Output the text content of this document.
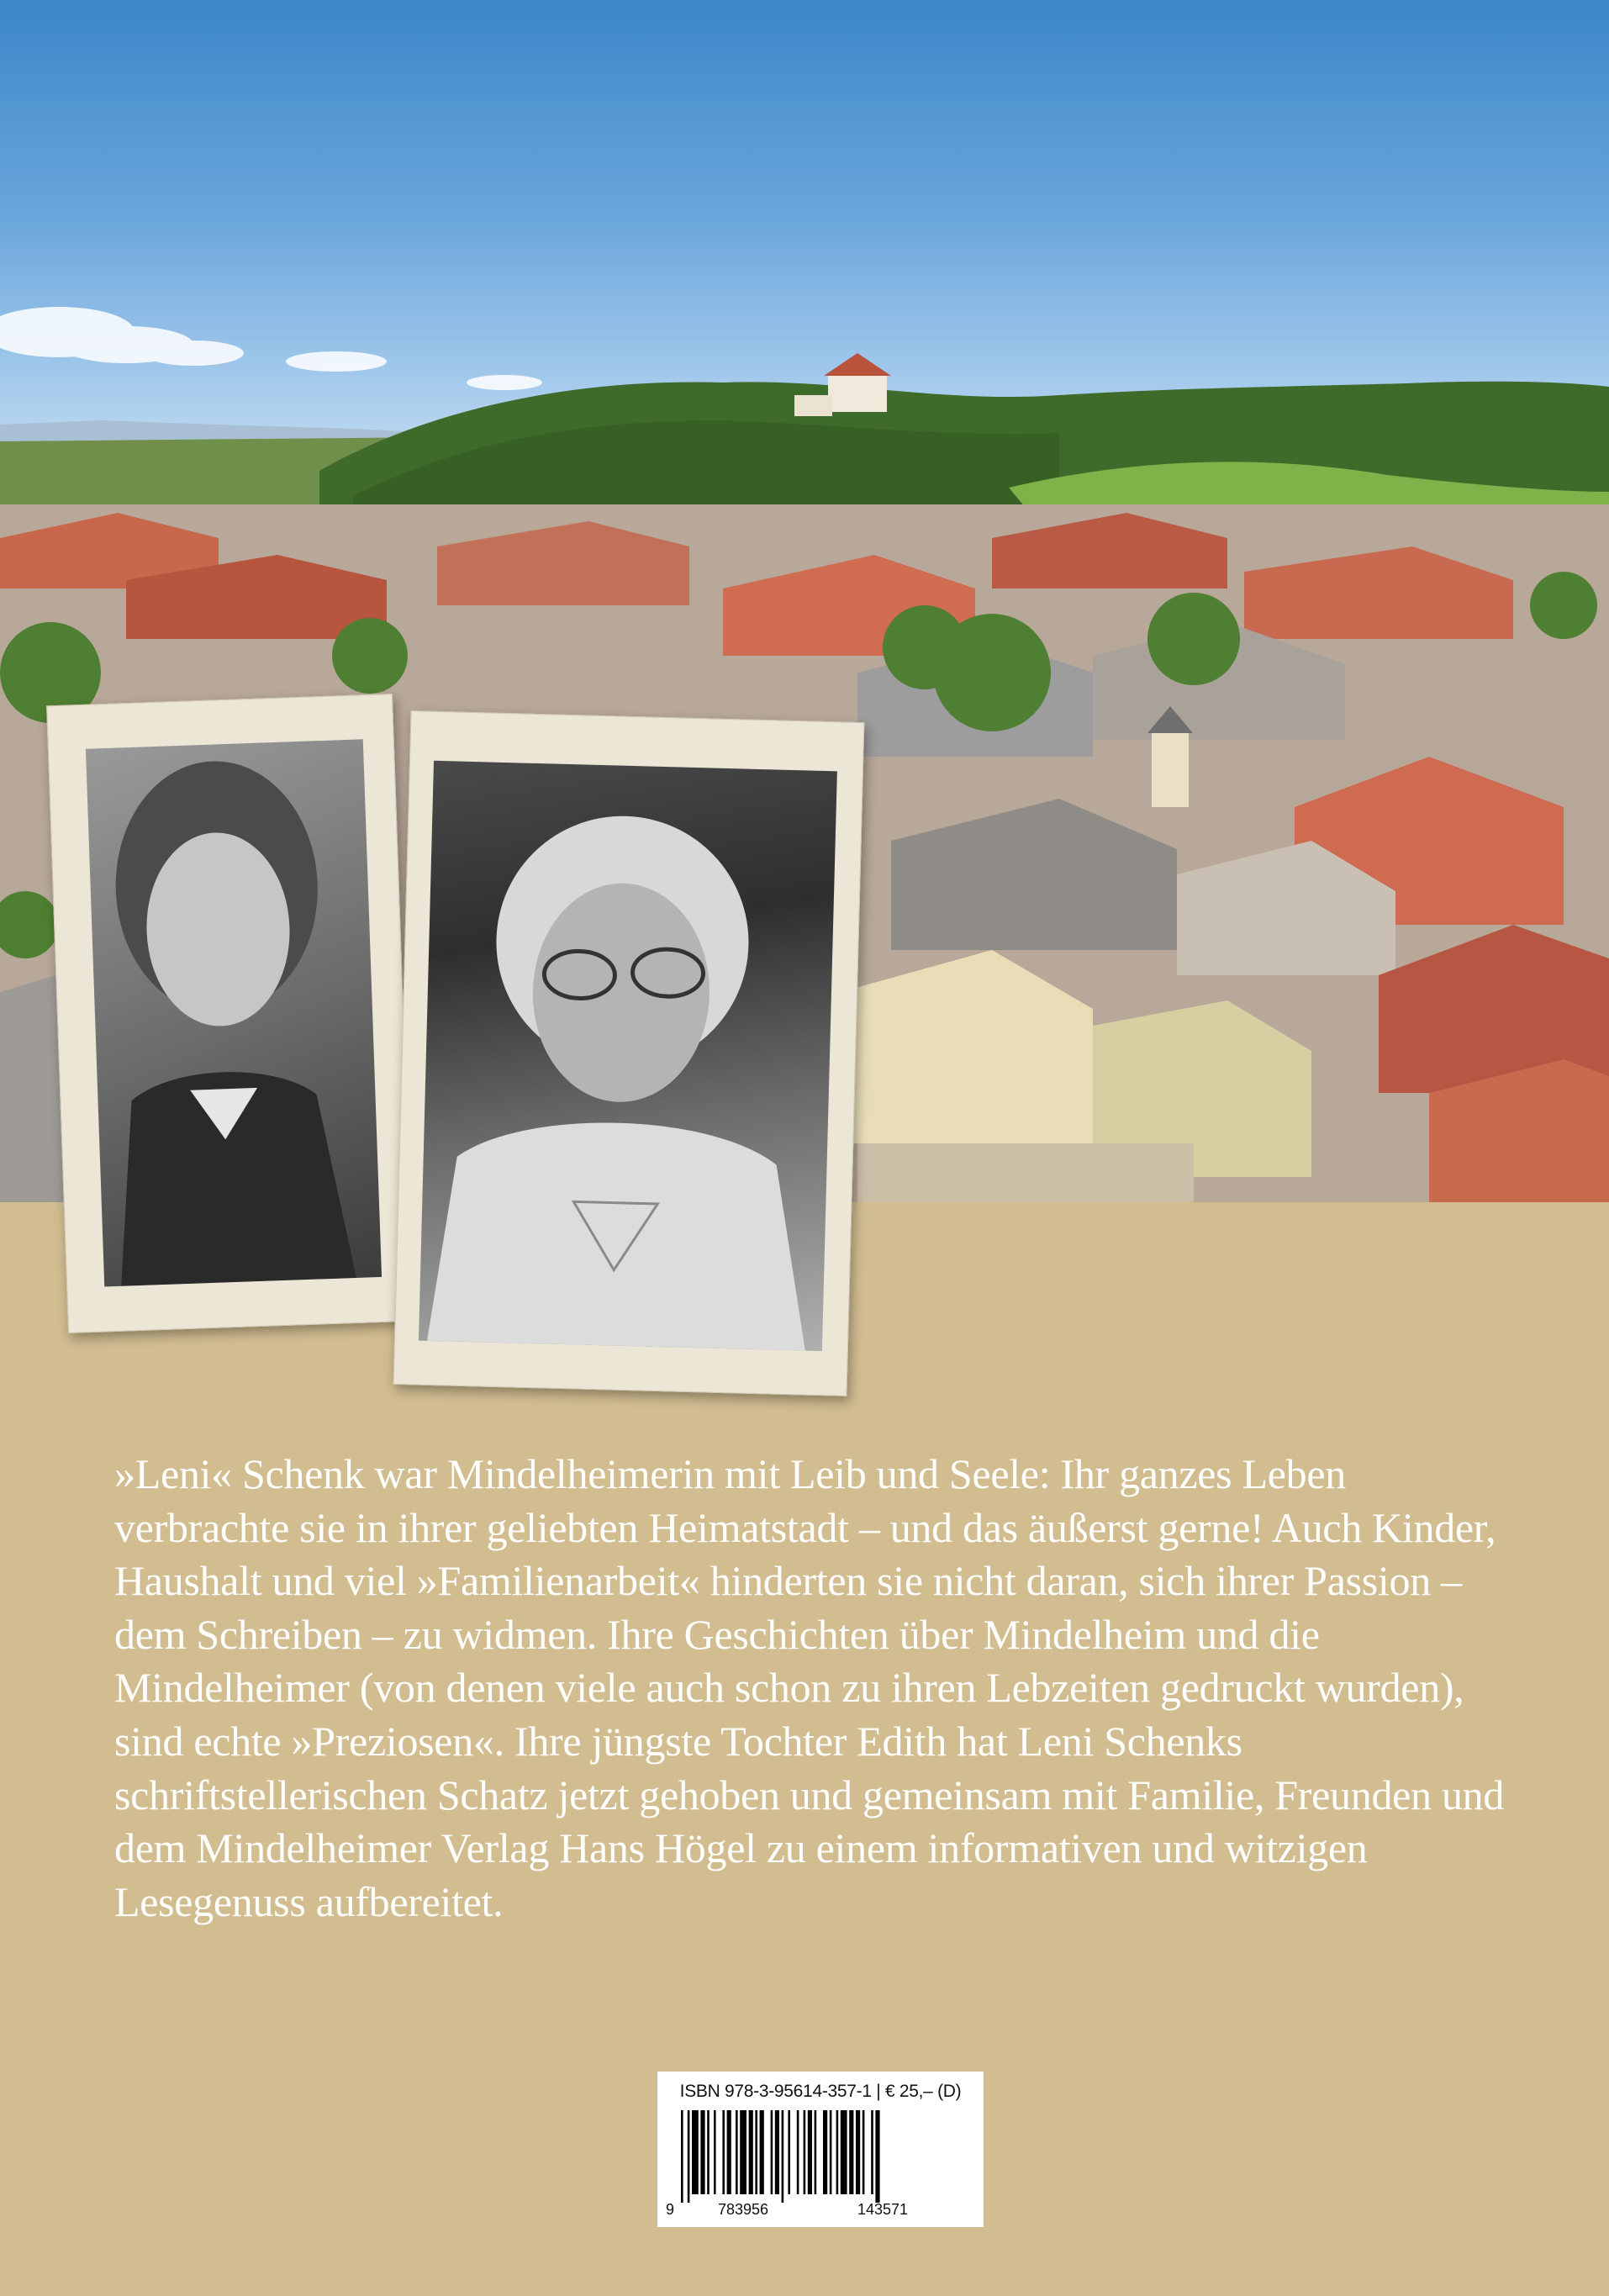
»Leni« Schenk war Mindelheimerin mit Leib und Seele: Ihr ganzes Leben verbrachte sie in ihrer geliebten Heimatstadt – und das äußerst gerne! Auch Kinder, Haushalt und viel »Familienarbeit« hinderten sie nicht daran, sich ihrer Passion – dem Schreiben – zu widmen. Ihre Geschichten über Mindelheim und die Mindelheimer (von denen viele auch schon zu ihren Lebzeiten gedruckt wurden), sind echte »Preziosen«. Ihre jüngste Tochter Edith hat Leni Schenks schriftstellerischen Schatz jetzt gehoben und gemeinsam mit Familie, Freunden und dem Mindelheimer Verlag Hans Högel zu einem informativen und witzigen Lesegenuss aufbereitet.

ISBN 978-3-95614-357-1 | € 25,– (D)
9	783956	143571
